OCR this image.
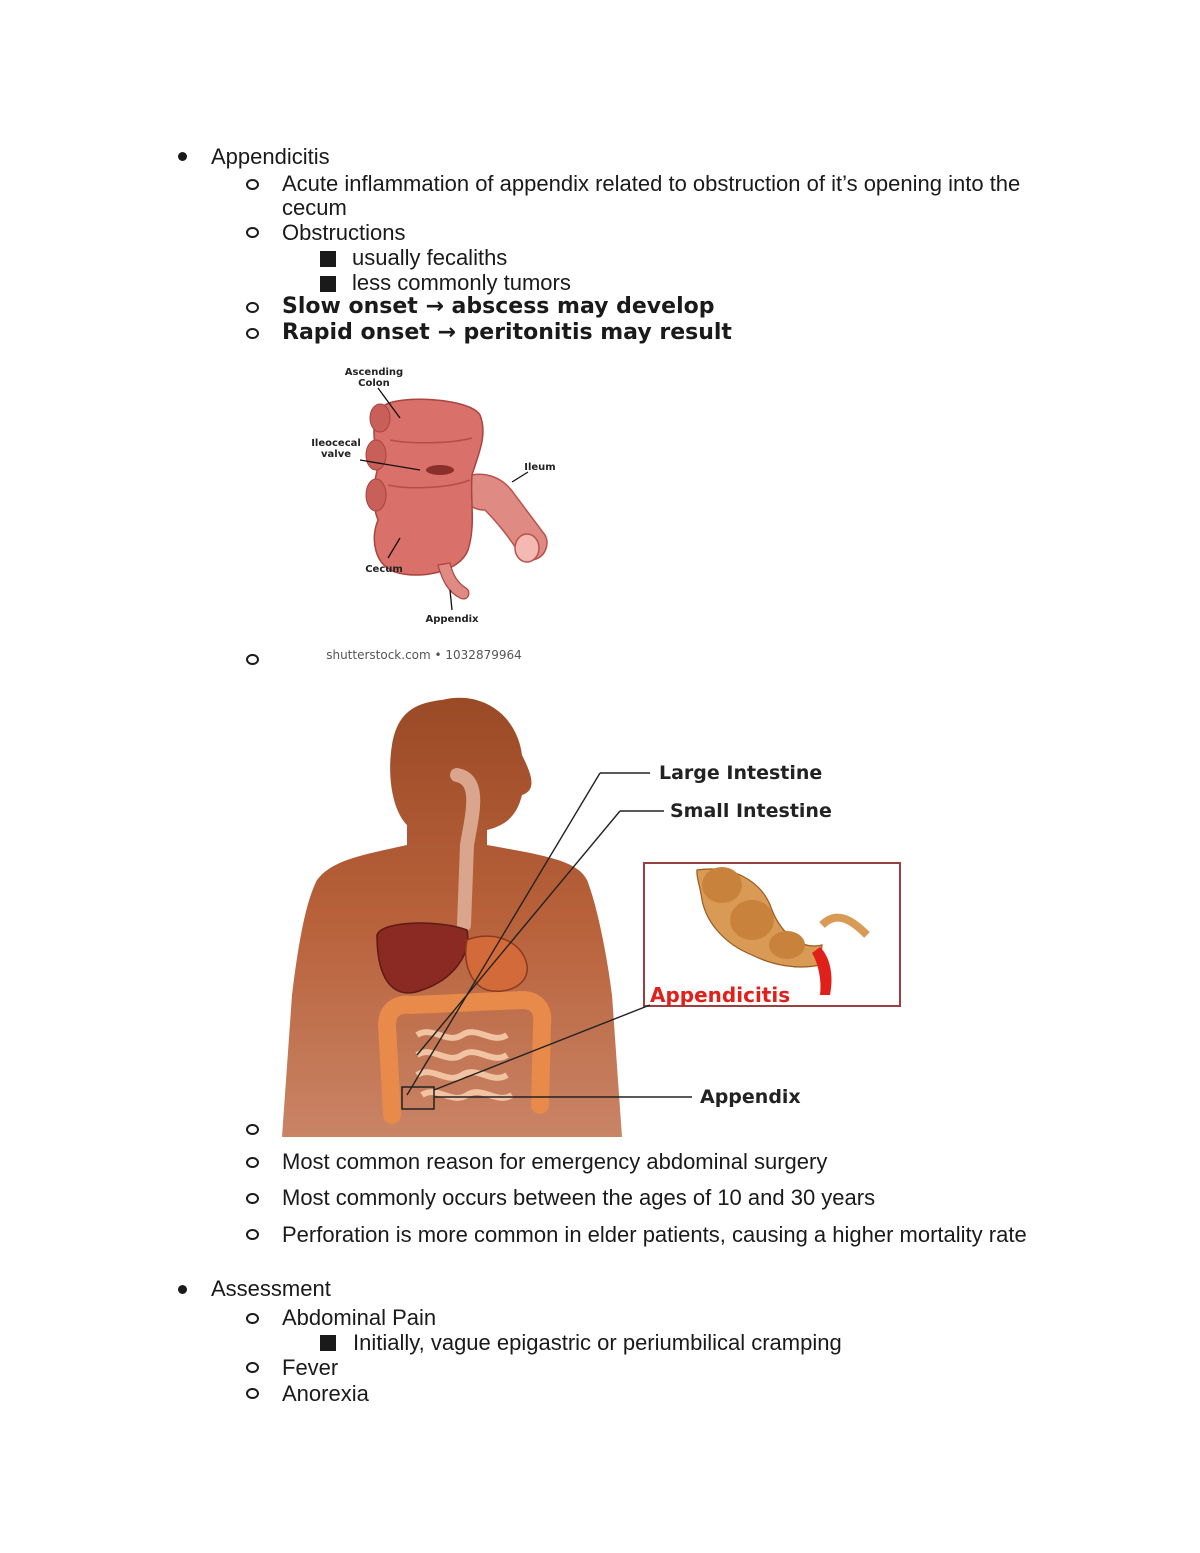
Appendicitis
Acute inflammation of appendix related to obstruction of it’s opening into the cecum
Obstructions
usually fecaliths
less commonly tumors
Slow onset → abscess may develop
Rapid onset → peritonitis may result
Ascending
Colon
Ileocecal
valve
Ileum
Cecum
Appendix
shutterstock.com • 1032879964
Appendicitis
Large Intestine
Small Intestine
Appendix
Most common reason for emergency abdominal surgery
Most commonly occurs between the ages of 10 and 30 years
Perforation is more common in elder patients, causing a higher mortality rate
Assessment
Abdominal Pain
Initially, vague epigastric or periumbilical cramping
Fever
Anorexia
